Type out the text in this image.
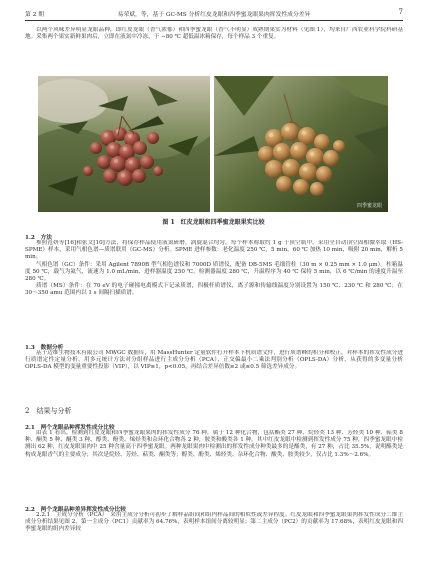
第 2 期	易荣斌，等，基于 GC-MS 分析红皮龙眼和四季蜜龙眼果肉挥发性成分差异	7

以两个风味差异明显龙眼品种，即红皮龙眼（香气浓郁）和四季蜜龙眼（香气不明显）成熟期果实为材料（见图 1），均来自广西农业科学院科研基地。采集两个果实新鲜果肉后，立即在液氮中冷冻，于 −80 ℃ 超低温冰箱保存，每个样品 3 个重复。

四季蜜龙眼
图 1　红皮龙眼和四季蜜龙眼果实比较
1.2　方法

参照范妍等[16]和张文[10]方法，将保存样品使用液氮研磨，涡旋混合均匀，每个样本称取约 1 g 于顶空瓶中，采用全自动顶空固相微萃取（HS-SPME）样本，采用气相色谱—质谱联用（GC-MS）分析。SPME 进样参数：老化温度 250 ℃，5 min，60 ℃ 加热 10 min，吸附 20 min，解析 5 min。

气相色谱（GC）条件：采用 Agilent 7890B 型气相色谱仪和 7000D 质谱仪，配备 DB-5MS 毛细管柱（30 m × 0.25 mm × 1.0 μm）。柱箱温度 50 ℃，载气为氦气，流速为 1.0 mL/min，进样器温度 250 ℃，检测器温度 280 ℃，升温程序为 40 ℃ 保持 5 min，以 6 ℃/min 的速度升温至 280 ℃。

质谱（MS）条件：在 70 eV 的电子碰撞电离模式下记录质谱，四极杆质谱仪，离子源和传输线温度分别设置为 150 ℃、230 ℃ 和 280 ℃；在 30～350 amu 范围内以 1 s 间隔扫描质谱。

1.3　数据分析

基于迈维生物技术有限公司 MWGC 数据库，用 MassHunter 定量软件打开样本下机质谱文件，进行质谱峰的积分和校正，对样本的挥发性成分进行质谱定性定量分析。用多元统计方法对分组样品进行主成分分析（PCA）、正交偏最小二乘法判别分析（OPLS-DA）分析，从获得的多变量分析 OPLS-DA 模型的变量重要性投影（VIP），以 VIP≥1，p<0.05，再结合差异倍数≥2 或≤0.5 筛选差异成分。

2　结果与分析
2.1　两个龙眼品种挥发性成分比较

由表 1 看出，检测到红皮龙眼和四季蜜龙眼果肉的挥发性成分 76 种，属于 12 种化合物，包括酯类 27 种、烷烃类 13 种、芳烃类 10 种、萜类 8 种、酮类 5 种、醚类 3 种、醇类、酚类、烯烃类和杂环化合物各 2 种，胺类和酸类各 1 种。其中红皮龙眼中检测到挥发性成分 75 种，四季蜜龙眼中检测出 62 种，红皮龙眼果肉中 25 种含量高于四季蜜龙眼。两种龙眼果肉中检测出的挥发性成分种类最多的是酯类，有 27 种，占比 35.5%，说明酯类是构成龙眼香气的主要成分；其次是烷烃、芳烃、萜类、酮类等；醇类、酚类、烯烃类、杂环化合物、酸类、胺类较少，仅占比 1.3%～2.6%。

2.2　两个龙眼品种差异挥发性成分比较

2.2.1　主成分分析（PCA）　采用主成分分析可初步了解样品组间和组内样品间的相似性或差异程度。红皮龙眼和四季蜜龙眼果肉挥发性成分二维主成分分析结果见图 2，第一主成分（PC1）贡献率为 64.76%，表明样本组间分离较明显；第二主成分（PC2）的贡献率为 17.68%，表明红皮龙眼和四季蜜龙眼的组内差异较
